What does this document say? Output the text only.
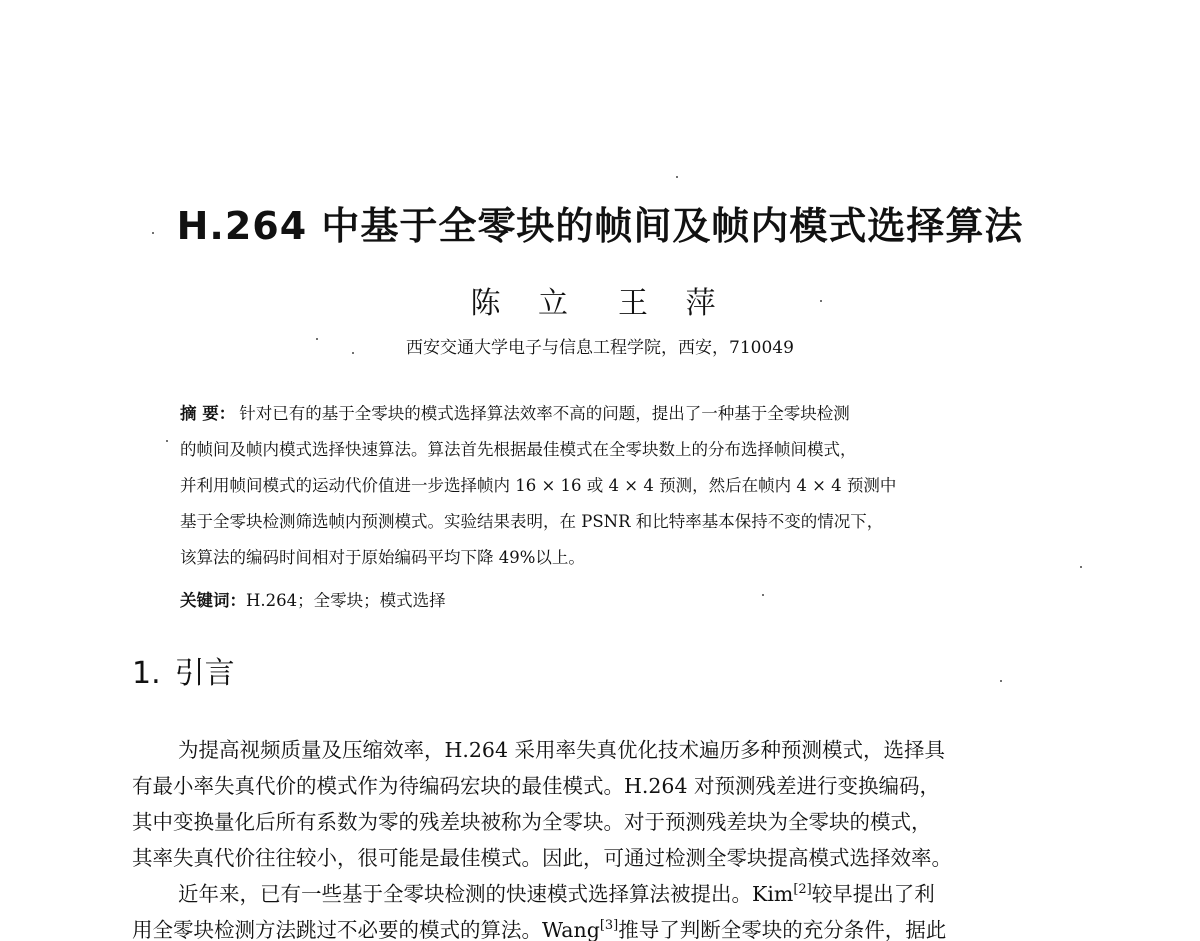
H.264 中基于全零块的帧间及帧内模式选择算法
陈 立 王 萍
西安交通大学电子与信息工程学院，西安，710049
摘 要： 针对已有的基于全零块的模式选择算法效率不高的问题，提出了一种基于全零块检测
的帧间及帧内模式选择快速算法。算法首先根据最佳模式在全零块数上的分布选择帧间模式，
并利用帧间模式的运动代价值进一步选择帧内 16 × 16 或 4 × 4 预测，然后在帧内 4 × 4 预测中
基于全零块检测筛选帧内预测模式。实验结果表明，在 PSNR 和比特率基本保持不变的情况下，
该算法的编码时间相对于原始编码平均下降 49%以上。
关键词：H.264；全零块；模式选择
1. 引言
为提高视频质量及压缩效率，H.264 采用率失真优化技术遍历多种预测模式，选择具
有最小率失真代价的模式作为待编码宏块的最佳模式。H.264 对预测残差进行变换编码，
其中变换量化后所有系数为零的残差块被称为全零块。对于预测残差块为全零块的模式，
其率失真代价往往较小，很可能是最佳模式。因此，可通过检测全零块提高模式选择效率。
近年来，已有一些基于全零块检测的快速模式选择算法被提出。Kim[2]较早提出了利
用全零块检测方法跳过不必要的模式的算法。Wang[3]推导了判断全零块的充分条件，据此
